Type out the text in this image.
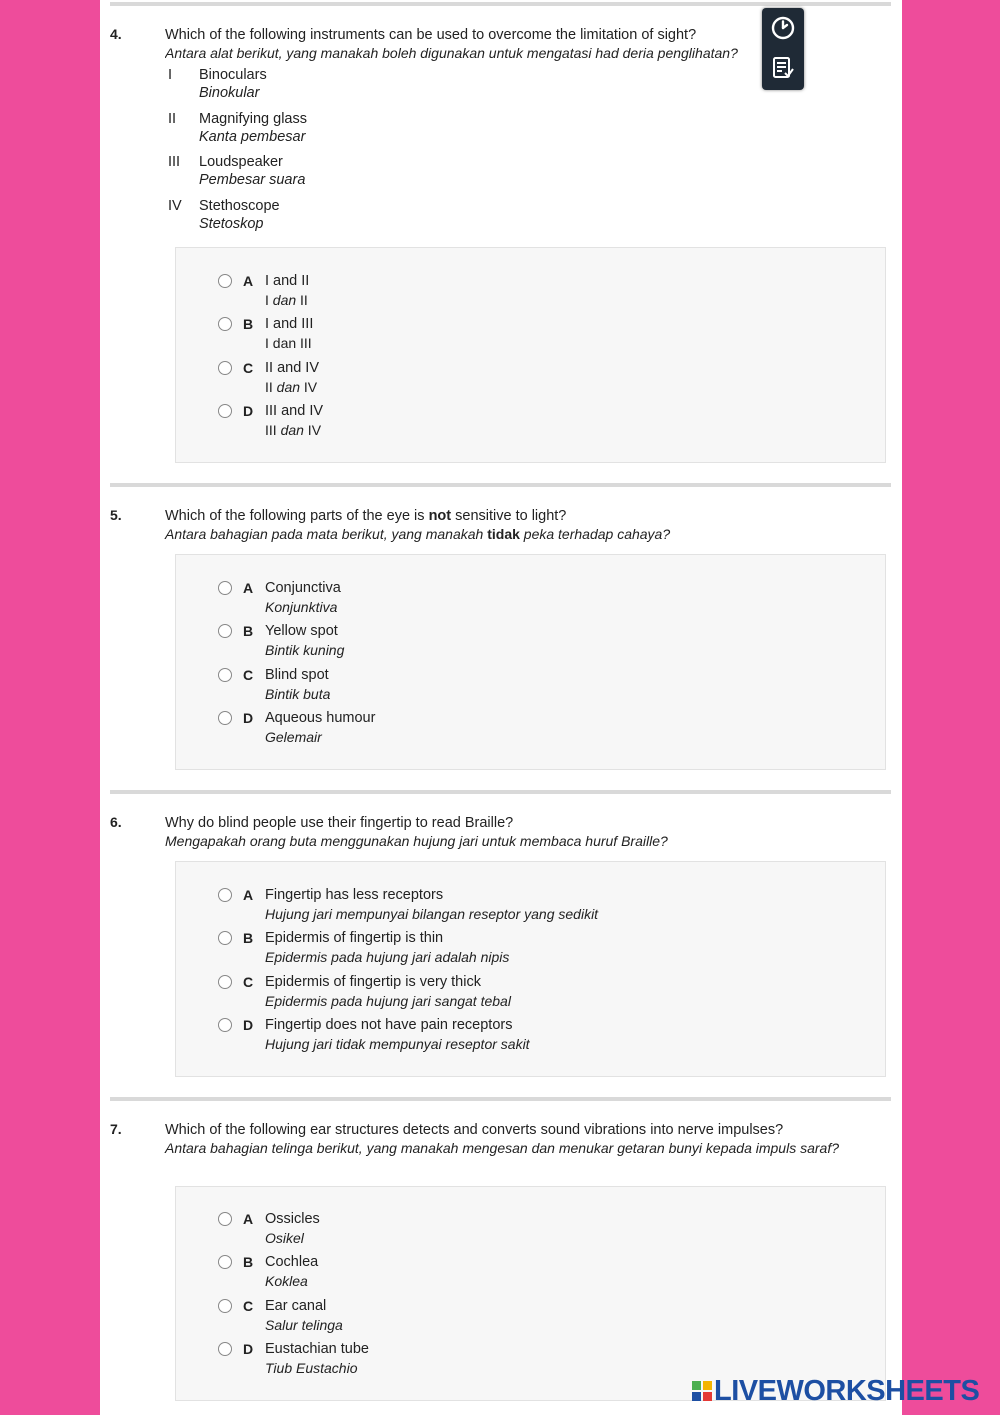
4.	Which of the following instruments can be used to overcome the limitation of sight?
Antara alat berikut, yang manakah boleh digunakan untuk mengatasi had deria penglihatan?
I	Binoculars
Binokular
II	Magnifying glass
Kanta pembesar
III	Loudspeaker
Pembesar suara
IV	Stethoscope
Stetoskop
A I and II
I dan II
B I and III
I dan III
C II and IV
II dan IV
D III and IV
III dan IV
5.	Which of the following parts of the eye is not sensitive to light?
Antara bahagian pada mata berikut, yang manakah tidak peka terhadap cahaya?
A Conjunctiva
Konjunktiva
B Yellow spot
Bintik kuning
C Blind spot
Bintik buta
D Aqueous humour
Gelemair
6.	Why do blind people use their fingertip to read Braille?
Mengapakah orang buta menggunakan hujung jari untuk membaca huruf Braille?
A Fingertip has less receptors
Hujung jari mempunyai bilangan reseptor yang sedikit
B Epidermis of fingertip is thin
Epidermis pada hujung jari adalah nipis
C Epidermis of fingertip is very thick
Epidermis pada hujung jari sangat tebal
D Fingertip does not have pain receptors
Hujung jari tidak mempunyai reseptor sakit
7.	Which of the following ear structures detects and converts sound vibrations into nerve impulses?
Antara bahagian telinga berikut, yang manakah mengesan dan menukar getaran bunyi kepada impuls saraf?
A Ossicles
Osikel
B Cochlea
Koklea
C Ear canal
Salur telinga
D Eustachian tube
Tiub Eustachio
LIVEWORKSHEETS
